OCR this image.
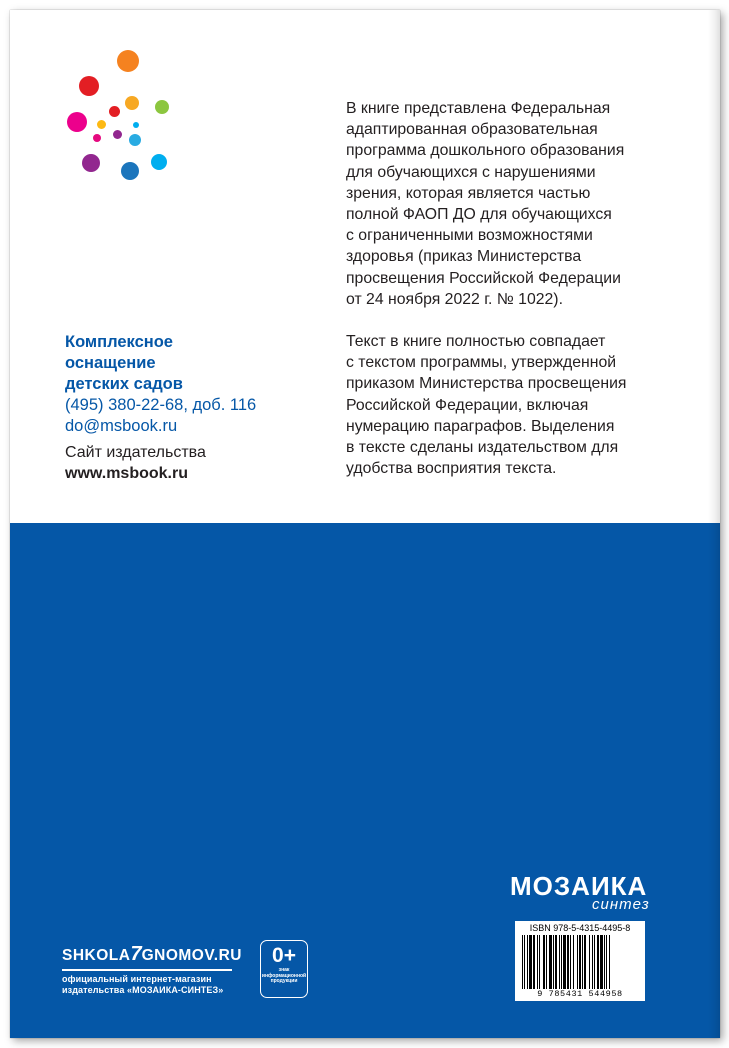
Комплексное
оснащение
детских садов
(495) 380-22-68, доб. 116
do@msbook.ru
Сайт издательства
www.msbook.ru

В книге представлена Федеральная
адаптированная образовательная
программа дошкольного образования
для обучающихся с нарушениями
зрения, которая является частью
полной ФАОП ДО для обучающихся
с ограниченными возможностями
здоровья (приказ Министерства
просвещения Российской Федерации
от 24 ноября 2022 г. № 1022).

Текст в книге полностью совпадает
с текстом программы, утвержденной
приказом Министерства просвещения
Российской Федерации, включая
нумерацию параграфов. Выделения
в тексте сделаны издательством для
удобства восприятия текста.

SHKOLA7GNOMOV.RU
официальный интернет-магазин
издательства «МОЗАИКА-СИНТЕЗ»
0+
знак
информационной
продукции
МОЗАИКА
синтез
ISBN 978-5-4315-4495-8
9 785431 544958
